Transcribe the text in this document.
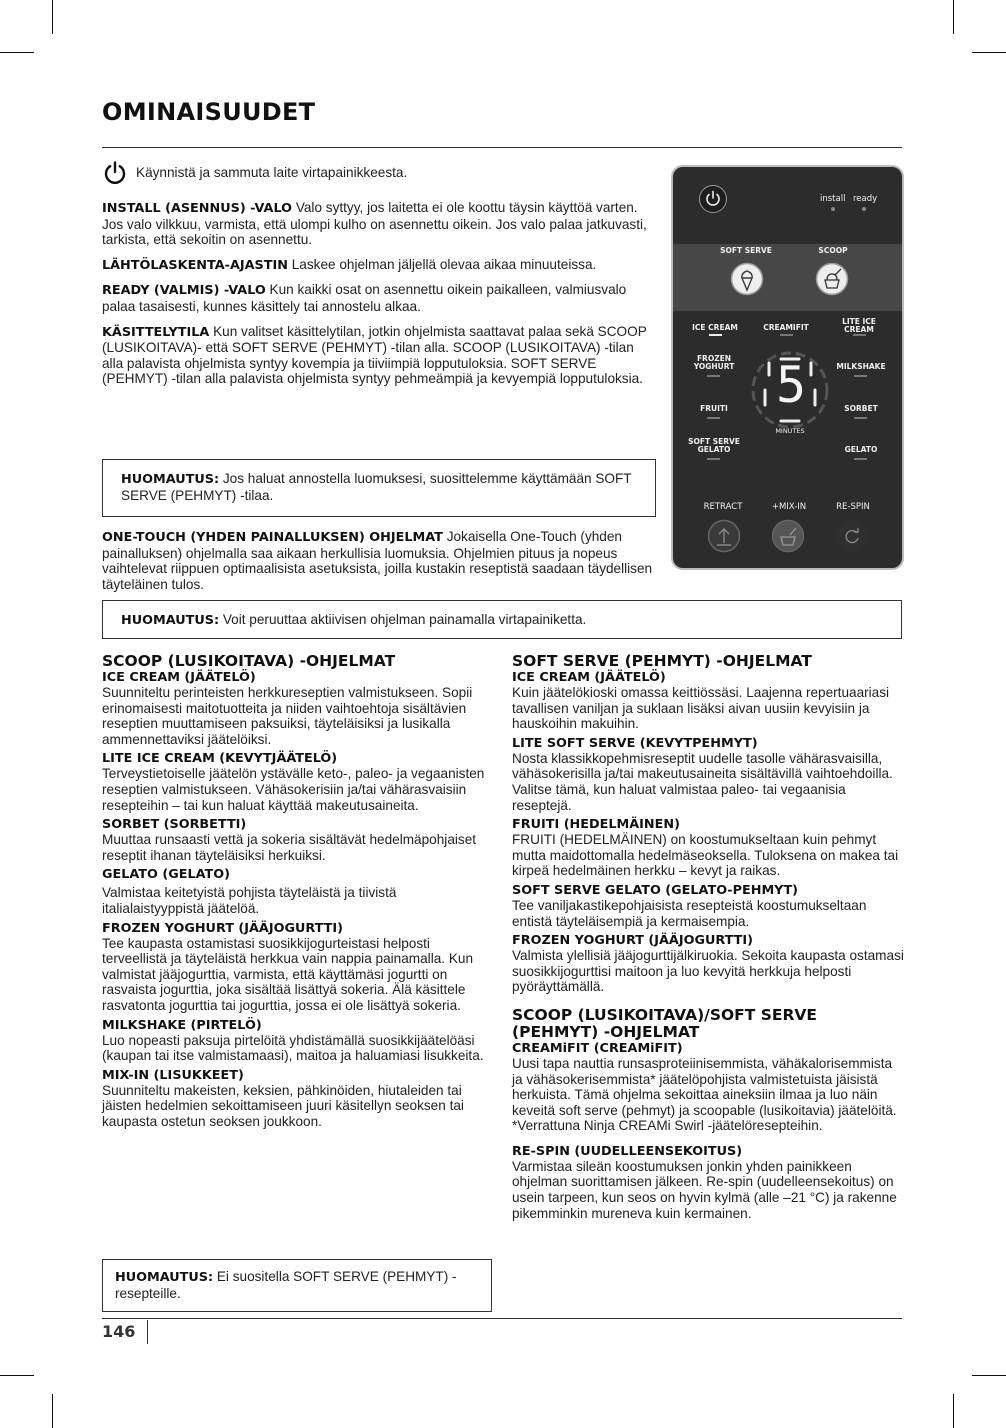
OMINAISUUDET

Käynnistä ja sammuta laite virtapainikkeesta.

INSTALL (ASENNUS) -VALO Valo syttyy, jos laitetta ei ole koottu täysin käyttöä varten. Jos valo vilkkuu, varmista, että ulompi kulho on asennettu oikein. Jos valo palaa jatkuvasti, tarkista, että sekoitin on asennettu.

LÄHTÖLASKENTA-AJASTIN Laskee ohjelman jäljellä olevaa aikaa minuuteissa.

READY (VALMIS) -VALO Kun kaikki osat on asennettu oikein paikalleen, valmiusvalo palaa tasaisesti, kunnes käsittely tai annostelu alkaa.

KÄSITTELYTILA Kun valitset käsittelytilan, jotkin ohjelmista saattavat palaa sekä SCOOP (LUSIKOITAVA)- että SOFT SERVE (PEHMYT) -tilan alla. SCOOP (LUSIKOITAVA) -tilan alla palavista ohjelmista syntyy kovempia ja tiiviimpiä lopputuloksia. SOFT SERVE (PEHMYT) -tilan alla palavista ohjelmista syntyy pehmeämpiä ja kevyempiä lopputuloksia.

HUOMAUTUS: Jos haluat annostella luomuksesi, suosittelemme käyttämään SOFT SERVE (PEHMYT) -tilaa.

ONE-TOUCH (YHDEN PAINALLUKSEN) OHJELMAT Jokaisella One-Touch (yhden painalluksen) ohjelmalla saa aikaan herkullisia luomuksia. Ohjelmien pituus ja nopeus vaihtelevat riippuen optimaalisista asetuksista, joilla kustakin reseptistä saadaan täydellisen täyteläinen tulos.

HUOMAUTUS: Voit peruuttaa aktiivisen ohjelman painamalla virtapainiketta.
install ready
SOFT SERVE	SCOOP
ICE CREAM	CREAMIFIT
LITE ICE CREAM
FROZEN YOGHURT	MILKSHAKE
FRUITI	SORBET
SOFT SERVE GELATO	GELATO
5
MINUTES
RETRACT	+MIX-IN	RE-SPIN
SCOOP (LUSIKOITAVA) -OHJELMAT
ICE CREAM (JÄÄTELÖ)

Suunniteltu perinteisten herkkureseptien valmistukseen. Sopii erinomaisesti maitotuotteita ja niiden vaihtoehtoja sisältävien reseptien muuttamiseen paksuiksi, täyteläisiksi ja lusikalla ammennettaviksi jäätelöiksi.

LITE ICE CREAM (KEVYTJÄÄTELÖ)

Terveystietoiselle jäätelön ystävälle keto-, paleo- ja vegaanisten reseptien valmistukseen. Vähäsokerisiin ja/tai vähärasvaisiin resepteihin – tai kun haluat käyttää makeutusaineita.

SORBET (SORBETTI)

Muuttaa runsaasti vettä ja sokeria sisältävät hedelmäpohjaiset reseptit ihanan täyteläisiksi herkuiksi.

GELATO (GELATO)

Valmistaa keitetyistä pohjista täyteläistä ja tiivistä italialaistyyppistä jäätelöä.

FROZEN YOGHURT (JÄÄJOGURTTI)

Tee kaupasta ostamistasi suosikkijogurteistasi helposti terveellistä ja täyteläistä herkkua vain nappia painamalla. Kun valmistat jääjogurttia, varmista, että käyttämäsi jogurtti on rasvaista jogurttia, joka sisältää lisättyä sokeria. Älä käsittele rasvatonta jogurttia tai jogurttia, jossa ei ole lisättyä sokeria.

MILKSHAKE (PIRTELÖ)

Luo nopeasti paksuja pirtelöitä yhdistämällä suosikkijäätelöäsi (kaupan tai itse valmistamaasi), maitoa ja haluamiasi lisukkeita.

MIX-IN (LISUKKEET)

Suunniteltu makeisten, keksien, pähkinöiden, hiutaleiden tai jäisten hedelmien sekoittamiseen juuri käsitellyn seoksen tai kaupasta ostetun seoksen joukkoon.

HUOMAUTUS: Ei suositella SOFT SERVE (PEHMYT) -resepteille.
SOFT SERVE (PEHMYT) -OHJELMAT
ICE CREAM (JÄÄTELÖ)

Kuin jäätelökioski omassa keittiössäsi. Laajenna repertuaariasi tavallisen vaniljan ja suklaan lisäksi aivan uusiin kevyisiin ja hauskoihin makuihin.

LITE SOFT SERVE (KEVYTPEHMYT)

Nosta klassikkopehmisreseptit uudelle tasolle vähärasvaisilla, vähäsokerisilla ja/tai makeutusaineita sisältävillä vaihtoehdoilla. Valitse tämä, kun haluat valmistaa paleo- tai vegaanisia reseptejä.

FRUITI (HEDELMÄINEN)

FRUITI (HEDELMÄINEN) on koostumukseltaan kuin pehmyt mutta maidottomalla hedelmäseoksella. Tuloksena on makea tai kirpeä hedelmäinen herkku – kevyt ja raikas.

SOFT SERVE GELATO (GELATO-PEHMYT)

Tee vaniljakastikepohjaisista resepteistä koostumukseltaan entistä täyteläisempiä ja kermaisempia.

FROZEN YOGHURT (JÄÄJOGURTTI)

Valmista ylellisiä jääjogurttijälkiruokia. Sekoita kaupasta ostamasi suosikkijogurttisi maitoon ja luo kevyitä herkkuja helposti pyöräyttämällä.

SCOOP (LUSIKOITAVA)/SOFT SERVE (PEHMYT) -OHJELMAT
CREAMiFIT (CREAMiFIT)

Uusi tapa nauttia runsasproteiinisemmista, vähäkalorisemmista ja vähäsokerisemmista* jäätelöpohjista valmistetuista jäisistä herkuista. Tämä ohjelma sekoittaa aineksiin ilmaa ja luo näin keveitä soft serve (pehmyt) ja scoopable (lusikoitavia) jäätelöitä.

*Verrattuna Ninja CREAMi Swirl -jäätelöresepteihin.

RE-SPIN (UUDELLEENSEKOITUS)

Varmistaa sileän koostumuksen jonkin yhden painikkeen ohjelman suorittamisen jälkeen. Re-spin (uudelleensekoitus) on usein tarpeen, kun seos on hyvin kylmä (alle –21 °C) ja rakenne pikemminkin mureneva kuin kermainen.

146
